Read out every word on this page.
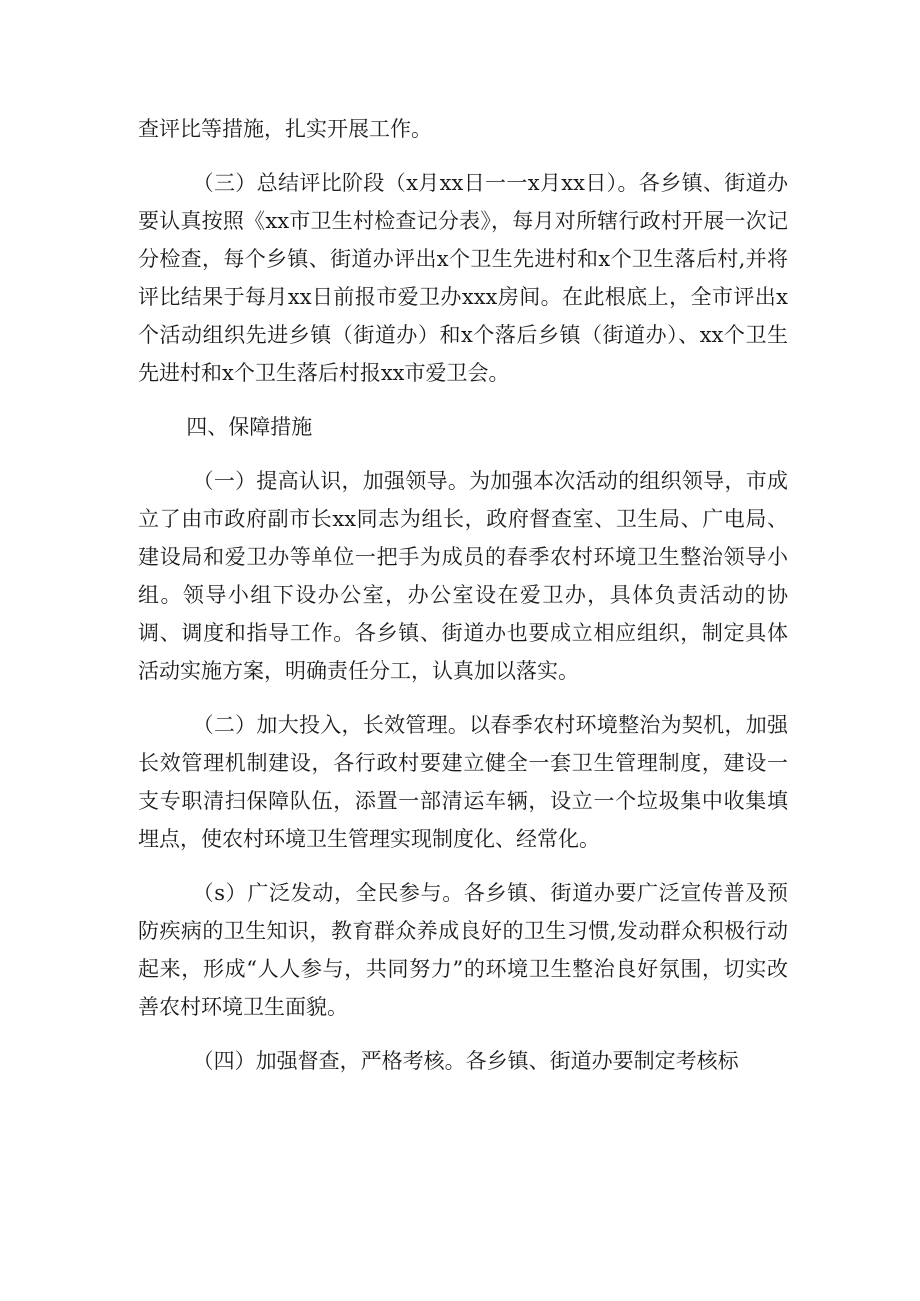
查评比等措施，扎实开展工作。

（三）总结评比阶段（x月xx日一一x月xx日）。各乡镇、街道办要认真按照《xx市卫生村检查记分表》，每月对所辖行政村开展一次记分检查，每个乡镇、街道办评出x个卫生先进村和x个卫生落后村,并将评比结果于每月xx日前报市爱卫办xxx房间。在此根底上，全市评出x个活动组织先进乡镇（街道办）和x个落后乡镇（街道办）、xx个卫生先进村和x个卫生落后村报xx市爱卫会。

四、保障措施

（一）提高认识，加强领导。为加强本次活动的组织领导，市成立了由市政府副市长xx同志为组长，政府督查室、卫生局、广电局、建设局和爱卫办等单位一把手为成员的春季农村环境卫生整治领导小组。领导小组下设办公室，办公室设在爱卫办，具体负责活动的协调、调度和指导工作。各乡镇、街道办也要成立相应组织，制定具体活动实施方案，明确责任分工，认真加以落实。

（二）加大投入，长效管理。以春季农村环境整治为契机，加强长效管理机制建设，各行政村要建立健全一套卫生管理制度，建设一支专职清扫保障队伍，添置一部清运车辆，设立一个垃圾集中收集填埋点，使农村环境卫生管理实现制度化、经常化。

（s）广泛发动，全民参与。各乡镇、街道办要广泛宣传普及预防疾病的卫生知识，教育群众养成良好的卫生习惯,发动群众积极行动起来，形成“人人参与，共同努力”的环境卫生整治良好氛围，切实改善农村环境卫生面貌。

（四）加强督查，严格考核。各乡镇、街道办要制定考核标
